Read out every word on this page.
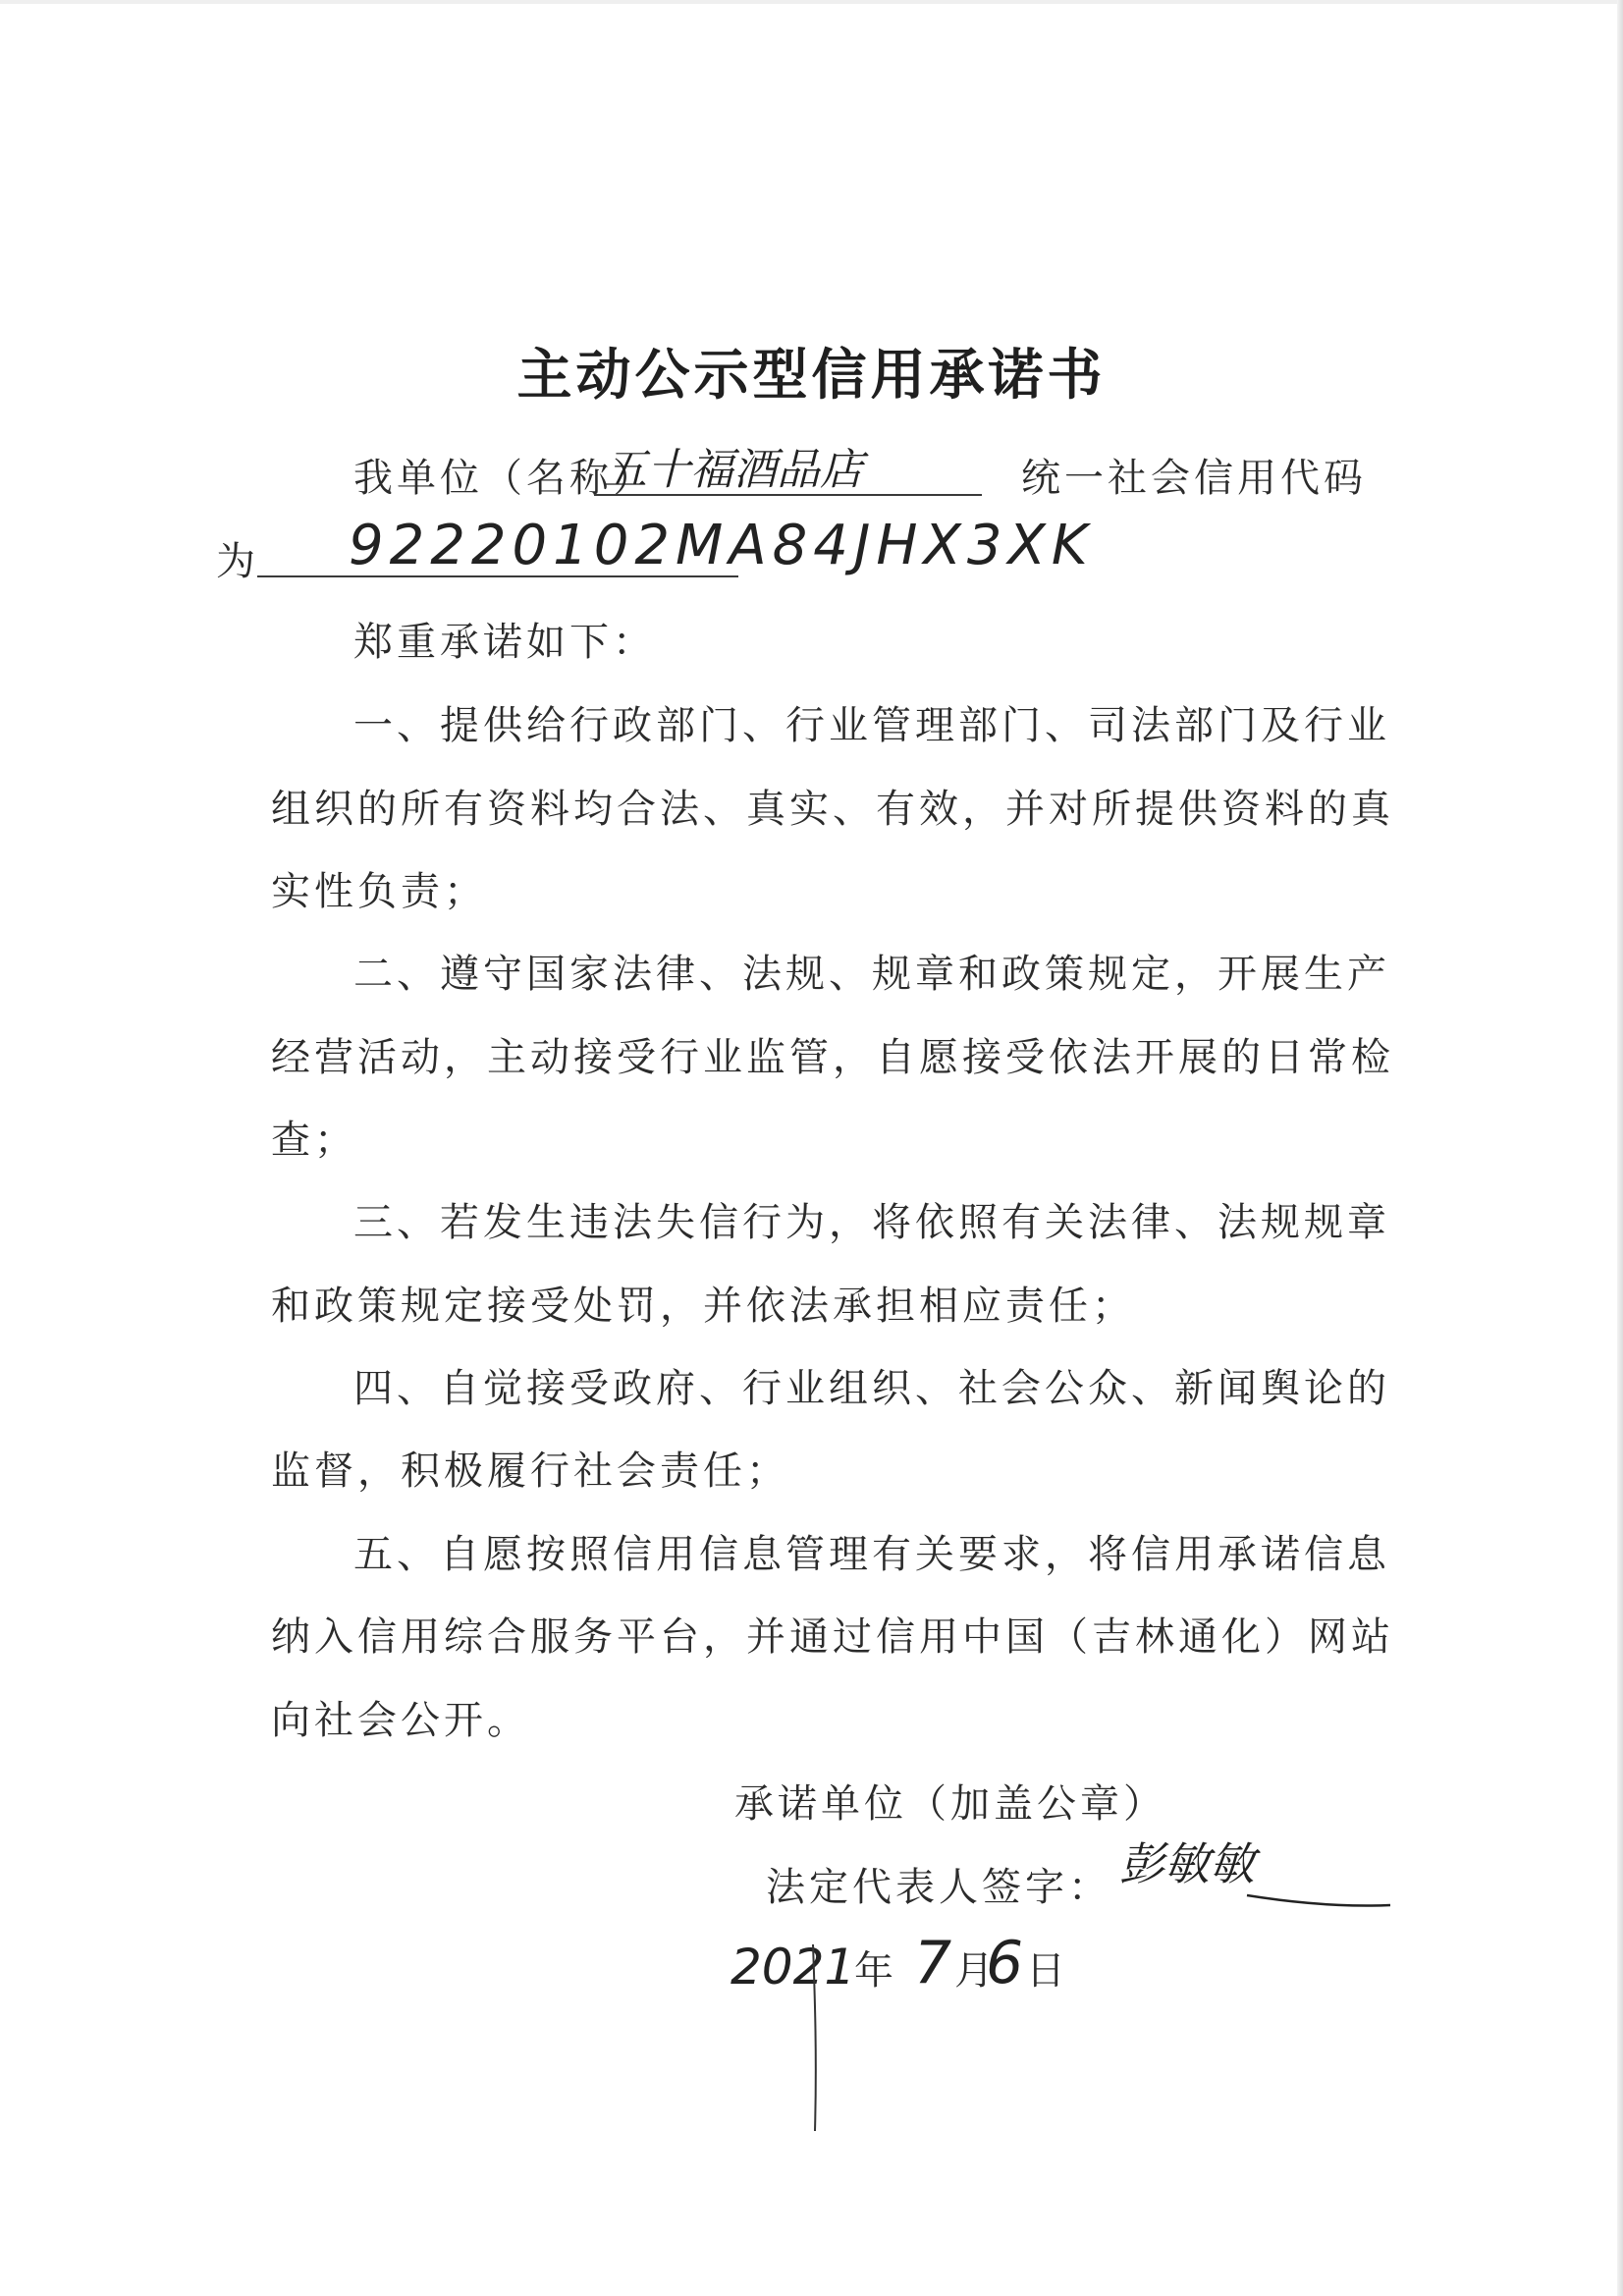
主动公示型信用承诺书
我单位（名称）
五十福酒品店	统一社会信用代码
为 92220102MA84JHX3XK
郑重承诺如下：
一、提供给行政部门、行业管理部门、司法部门及行业
组织的所有资料均合法、真实、有效，并对所提供资料的真
实性负责；
二、遵守国家法律、法规、规章和政策规定，开展生产
经营活动，主动接受行业监管，自愿接受依法开展的日常检
查；
三、若发生违法失信行为，将依照有关法律、法规规章
和政策规定接受处罚，并依法承担相应责任；
四、自觉接受政府、行业组织、社会公众、新闻舆论的
监督，积极履行社会责任；
五、自愿按照信用信息管理有关要求，将信用承诺信息
纳入信用综合服务平台，并通过信用中国（吉林通化）网站
向社会公开。
承诺单位（加盖公章）
法定代表人签字： 彭敏敏
2021
年 7 月
6 日
